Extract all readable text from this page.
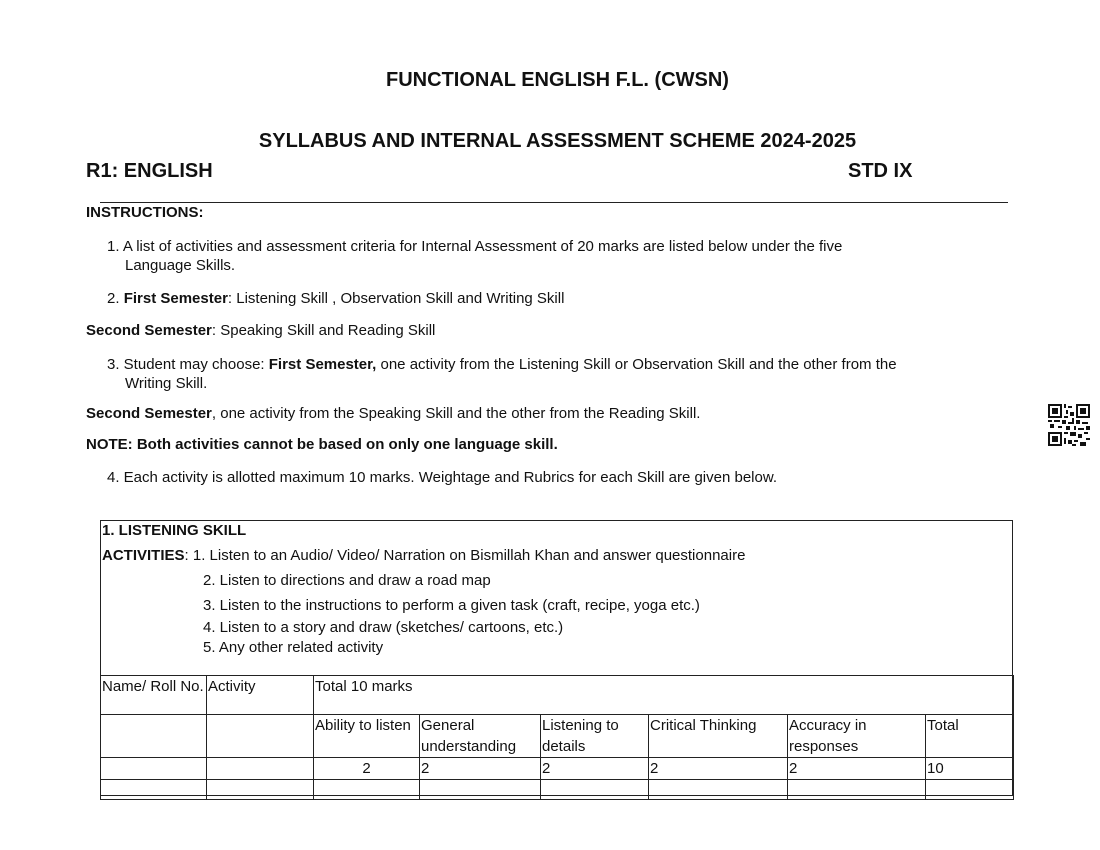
FUNCTIONAL ENGLISH F.L. (CWSN)
SYLLABUS AND INTERNAL ASSESSMENT SCHEME 2024-2025
R1: ENGLISH	STD IX
INSTRUCTIONS:
1. A list of activities and assessment criteria for Internal Assessment of 20 marks are listed below under the five
Language Skills.
2. First Semester: Listening Skill , Observation Skill and Writing Skill
Second Semester: Speaking Skill and Reading Skill
3. Student may choose: First Semester, one activity from the Listening Skill or Observation Skill and the other from the
Writing Skill.
Second Semester, one activity from the Speaking Skill and the other from the Reading Skill.
NOTE: Both activities cannot be based on only one language skill.
4. Each activity is allotted maximum 10 marks. Weightage and Rubrics for each Skill are given below.
1. LISTENING SKILL
ACTIVITIES: 1. Listen to an Audio/ Video/ Narration on Bismillah Khan and answer questionnaire
2. Listen to directions and draw a road map
3. Listen to the instructions to perform a given task (craft, recipe, yoga etc.)
4. Listen to a story and draw (sketches/ cartoons, etc.)
5. Any other related activity
Name/ Roll No.	Activity	Total 10 marks					
		Ability to listen	General understanding	Listening to details	Critical Thinking	Accuracy in responses	Total
		2	2	2	2	2	10
